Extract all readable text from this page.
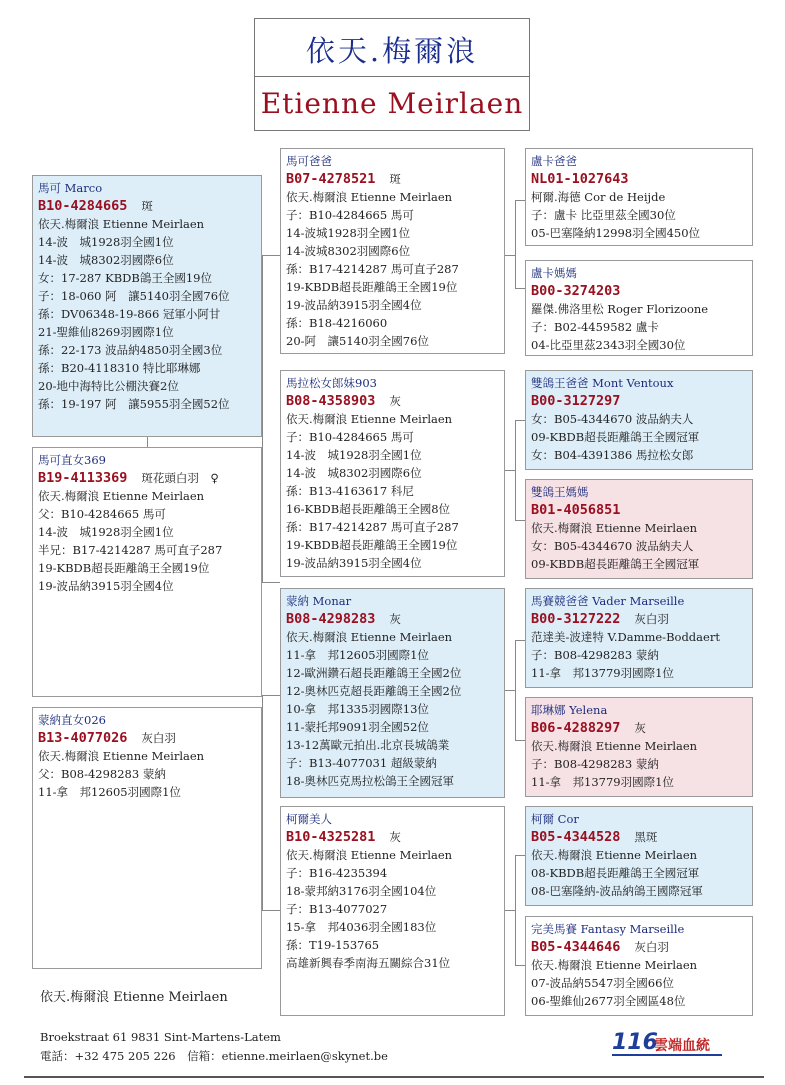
依天.梅爾浪
Etienne Meirlaen
馬可 Marco
B10-4284665 斑
依天.梅爾浪 Etienne Meirlaen
14-波　城1928羽全國1位
14-波　城8302羽國際6位
女：17-287 KBDB鴿王全國19位
子：18-060 阿　讓5140羽全國76位
孫：DV06348-19-866 冠軍小阿甘
21-聖維仙8269羽國際1位
孫：22-173 波品納4850羽全國3位
孫：B20-4118310 特比耶琳娜
20-地中海特比公棚決賽2位
孫：19-197 阿　讓5955羽全國52位
馬可直女369
B19-4113369 斑花頭白羽　♀
依天.梅爾浪 Etienne Meirlaen
父：B10-4284665 馬可
14-波　城1928羽全國1位
半兄：B17-4214287 馬可直子287
19-KBDB超長距離鴿王全國19位
19-波品納3915羽全國4位
蒙納直女026
B13-4077026 灰白羽
依天.梅爾浪 Etienne Meirlaen
父：B08-4298283 蒙納
11-拿　邦12605羽國際1位
馬可爸爸
B07-4278521 斑
依天.梅爾浪 Etienne Meirlaen
子：B10-4284665 馬可
14-波城1928羽全國1位
14-波城8302羽國際6位
孫：B17-4214287 馬可直子287
19-KBDB超長距離鴿王全國19位
19-波品納3915羽全國4位
孫：B18-4216060
20-阿　讓5140羽全國76位
馬拉松女郎妹903
B08-4358903 灰
依天.梅爾浪 Etienne Meirlaen
子：B10-4284665 馬可
14-波　城1928羽全國1位
14-波　城8302羽國際6位
孫：B13-4163617 科尼
16-KBDB超長距離鴿王全國8位
孫：B17-4214287 馬可直子287
19-KBDB超長距離鴿王全國19位
19-波品納3915羽全國4位
蒙納 Monar
B08-4298283 灰
依天.梅爾浪 Etienne Meirlaen
11-拿　邦12605羽國際1位
12-歐洲鑽石超長距離鴿王全國2位
12-奧林匹克超長距離鴿王全國2位
10-拿　邦1335羽國際13位
11-蒙托邦9091羽全國52位
13-12萬歐元拍出.北京長城鴿業
子：B13-4077031 超級蒙納
18-奧林匹克馬拉松鴿王全國冠軍
柯爾美人
B10-4325281 灰
依天.梅爾浪 Etienne Meirlaen
子：B16-4235394
18-蒙邦納3176羽全國104位
子：B13-4077027
15-拿　邦4036羽全國183位
孫：T19-153765
高雄新興春季南海五關綜合31位
盧卡爸爸
NL01-1027643
柯爾.海德 Cor de Heijde
子：盧卡 比亞里茲全國30位
05-巴塞隆納12998羽全國450位
盧卡媽媽
B00-3274203
羅傑.佛洛里松 Roger Florizoone
子：B02-4459582 盧卡
04-比亞里茲2343羽全國30位
雙鴿王爸爸 Mont Ventoux
B00-3127297
女：B05-4344670 波品納夫人
09-KBDB超長距離鴿王全國冠軍
女：B04-4391386 馬拉松女郎
雙鴿王媽媽
B01-4056851
依天.梅爾浪 Etienne Meirlaen
女：B05-4344670 波品納夫人
09-KBDB超長距離鴿王全國冠軍
馬賽競爸爸 Vader Marseille
B00-3127222 灰白羽
范達美-波達特 V.Damme-Boddaert
子：B08-4298283 蒙納
11-拿　邦13779羽國際1位
耶琳娜 Yelena
B06-4288297 灰
依天.梅爾浪 Etienne Meirlaen
子：B08-4298283 蒙納
11-拿　邦13779羽國際1位
柯爾 Cor
B05-4344528 黑斑
依天.梅爾浪 Etienne Meirlaen
08-KBDB超長距離鴿王全國冠軍
08-巴塞隆納-波品納鴿王國際冠軍
完美馬賽 Fantasy Marseille
B05-4344646 灰白羽
依天.梅爾浪 Etienne Meirlaen
07-波品納5547羽全國66位
06-聖維仙2677羽全國區48位
依天.梅爾浪 Etienne Meirlaen
Broekstraat 61 9831 Sint-Martens-Latem
電話：+32 475 205 226　信箱：etienne.meirlaen@skynet.be
116
雲端血統
